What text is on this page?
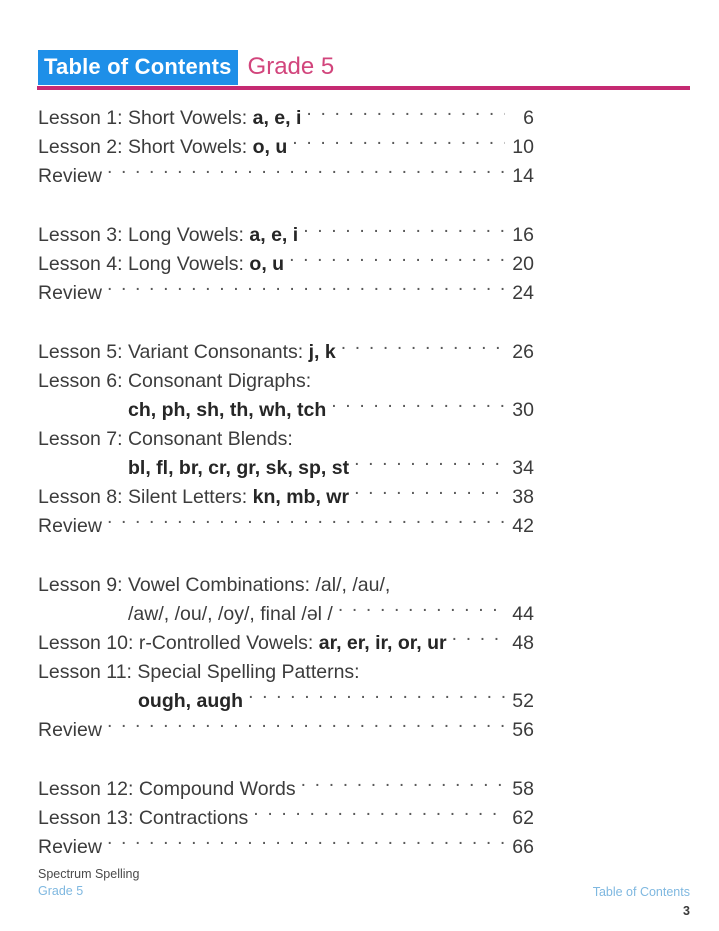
Table of Contents Grade 5
Lesson 1: Short Vowels: a, e, i . . .	6
Lesson 2: Short Vowels: o, u . . .	10
Review . . .	14
Lesson 3: Long Vowels: a, e, i . . .	16
Lesson 4: Long Vowels: o, u . . .	20
Review . . .	24
Lesson 5: Variant Consonants: j, k . . .	26
Lesson 6: Consonant Digraphs:
ch, ph, sh, th, wh, tch . . .	30
Lesson 7: Consonant Blends:
bl, fl, br, cr, gr, sk, sp, st . . .	34
Lesson 8: Silent Letters: kn, mb, wr . . .	38
Review . . .	42
Lesson 9: Vowel Combinations: /al/, /au/,
/aw/, /ou/, /oy/, final /əl / . . .	44
Lesson 10: r-Controlled Vowels: ar, er, ir, or, ur . . .	48
Lesson 11: Special Spelling Patterns:
ough, augh . . .	52
Review . . .	56
Lesson 12: Compound Words . . .	58
Lesson 13: Contractions . . .	62
Review . . .	66
Spectrum Spelling
Grade 5	Table of Contents
3
